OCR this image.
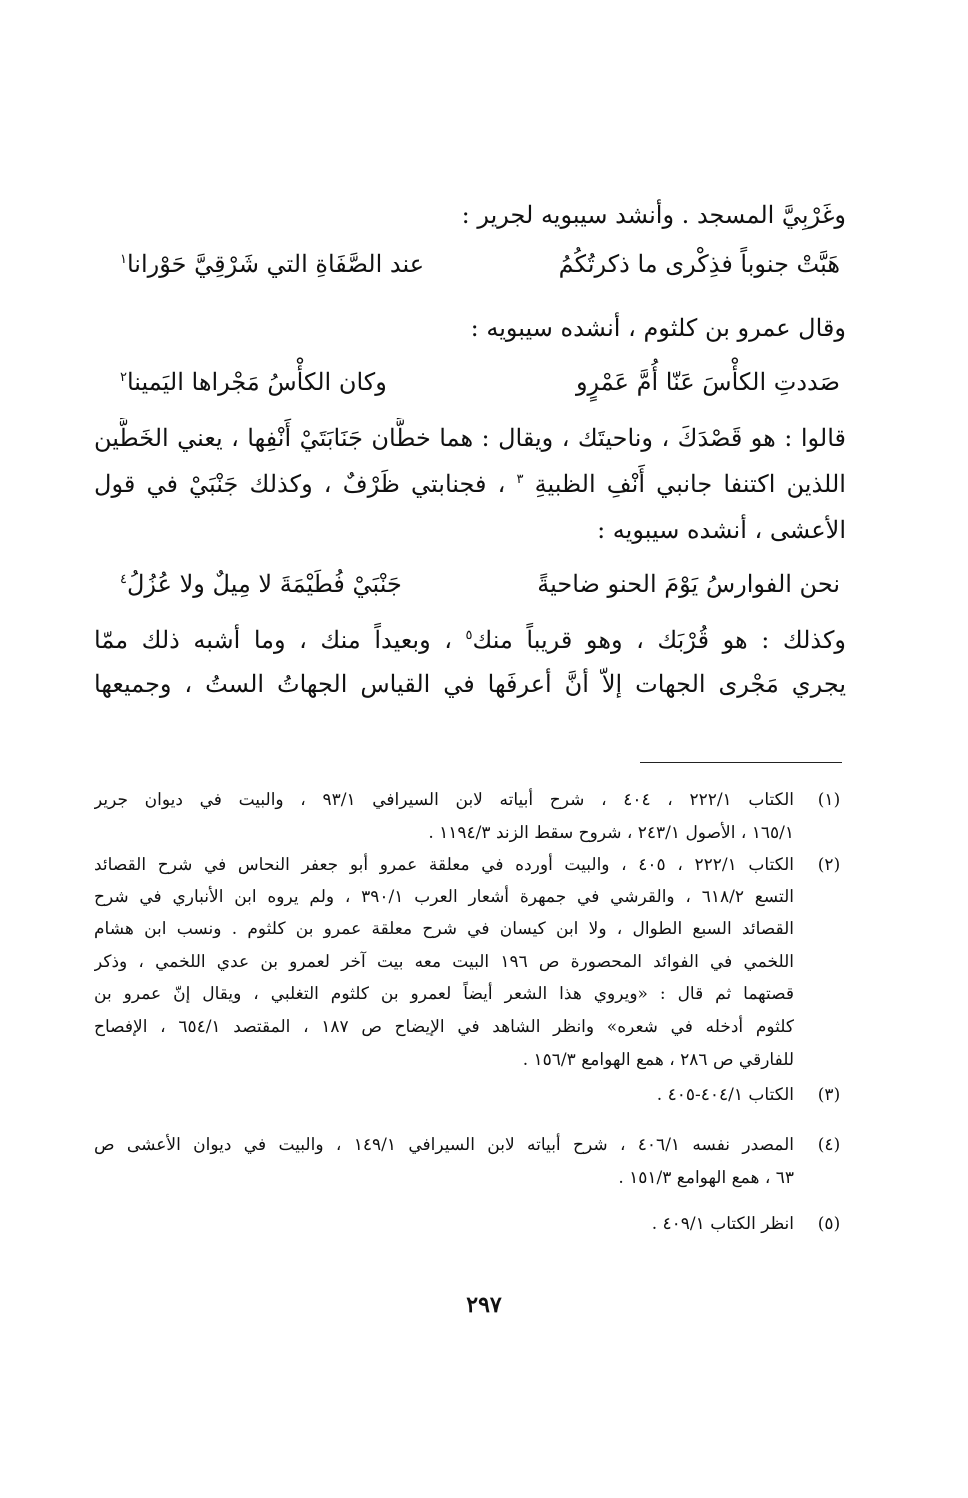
وغَرْبِيَّ المسجد . وأنشد سيبويه لجرير :
هَبَّتْ جنوباً فذِكْرى ما ذكرتُكُمُ
عند الصَّفَاةِ التي شَرْقِيَّ حَوْرانا$^١$
وقال عمرو بن كلثوم ، أنشده سيبويه :
صَددتِ الكأْسَ عَنّا أُمَّ عَمْرٍو
وكان الكأْسُ مَجْراها اليَمينا$^٢$
قالوا : هو قَصْدَكَ ، وناحيتَك ، ويقال : هما خطَّان جَنَابَتَيْ أَنْفِها ، يعني الخَطَّين
اللذين اكتنفا جانبي أَنْفِ الظبيةِ $^٣$ ، فجنابتي ظَرْفٌ ، وكذلك جَنْبَيْ في قول
الأعشى ، أنشده سيبويه :
نحن الفوارسُ يَوْمَ الحنو ضاحيةً
جَنْبَيْ فُطَيْمَةَ لا مِيلٌ ولا عُزُلُ$^٤$
وكذلك : هو قُرْبَك ، وهو قريباً منك$^٥$ ، وبعيداً منك ، وما أشبه ذلك ممّا
يجري مَجْرى الجهات إلاّ أنَّ أعرفَها في القياس الجهاتُ الستُ ، وجميعها
(١)
الكتاب ٢٢٢/١ ، ٤٠٤ ، شرح أبياته لابن السيرافي ٩٣/١ ، والبيت في ديوان جرير
١٦٥/١ ، الأصول ٢٤٣/١ ، شروح سقط الزند ١١٩٤/٣ .
(٢)
الكتاب ٢٢٢/١ ، ٤٠٥ ، والبيت أورده في معلقة عمرو أبو جعفر النحاس في شرح القصائد
التسع ٦١٨/٢ ، والقرشي في جمهرة أشعار العرب ٣٩٠/١ ، ولم يروه ابن الأنباري في شرح
القصائد السبع الطوال ، ولا ابن كيسان في شرح معلقة عمرو بن كلثوم . ونسب ابن هشام
اللخمي في الفوائد المحصورة ص ١٩٦ البيت معه بيت آخر لعمرو بن عدي اللخمي ، وذكر
قصتهما ثم قال : «ويروي هذا الشعر أيضاً لعمرو بن كلثوم التغلبي ، ويقال إنّ عمرو بن
كلثوم أدخله في شعره» وانظر الشاهد في الإيضاح ص ١٨٧ ، المقتصد ٦٥٤/١ ، الإفصاح
للفارقي ص ٢٨٦ ، همع الهوامع ١٥٦/٣ .
(٣)
الكتاب ٤٠٤/١-٤٠٥ .
(٤)
المصدر نفسه ٤٠٦/١ ، شرح أبياته لابن السيرافي ١٤٩/١ ، والبيت في ديوان الأعشى ص
٦٣ ، همع الهوامع ١٥١/٣ .
(٥)
انظر الكتاب ٤٠٩/١ .
٢٩٧
